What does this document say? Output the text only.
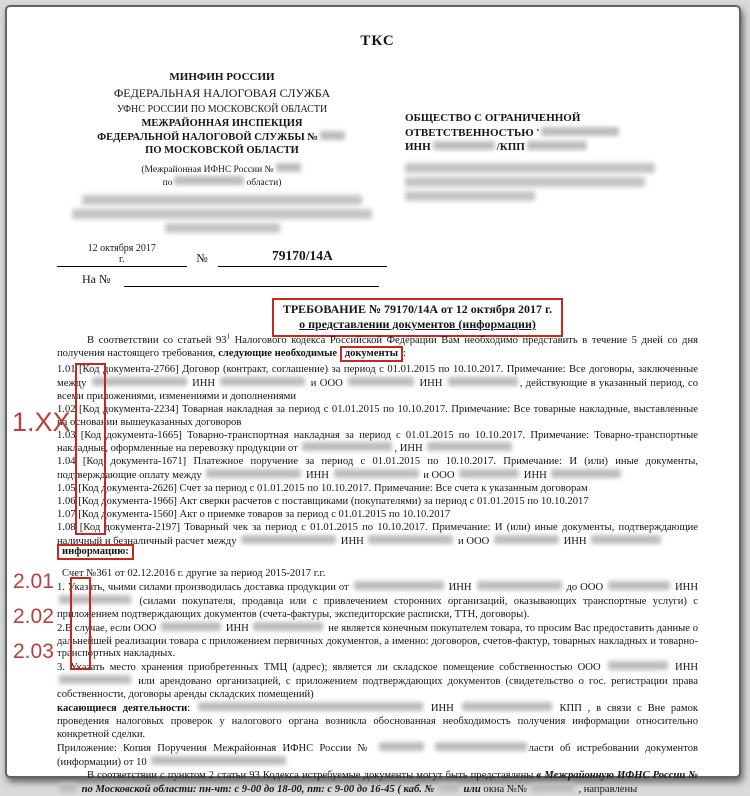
ТКС
МИНФИН РОССИИ
ФЕДЕРАЛЬНАЯ НАЛОГОВАЯ СЛУЖБА
УФНС РОССИИ ПО МОСКОВСКОЙ ОБЛАСТИ
МЕЖРАЙОННАЯ ИНСПЕКЦИЯ
ФЕДЕРАЛЬНОЙ НАЛОГОВОЙ СЛУЖБЫ №
ПО МОСКОВСКОЙ ОБЛАСТИ
(Межрайонная ИФНС России №
по	области)
12 октября 2017
г.	№	79170/14А
ОБЩЕСТВО С ОГРАНИЧЕННОЙ
ОТВЕТСТВЕННОСТЬЮ '
ИНН	/КПП
На №
ТРЕБОВАНИЕ № 79170/14А от 12 октября 2017 г.
о представлении документов (информации)

В соответствии со статьей $93^1$ Налогового кодекса Российской Федерации Вам необходимо представить в течение 5 дней со дня получения настоящего требования, следующие необходимые документы :

1.01 [Код документа-2766] Договор (контракт, соглашение) за период с 01.01.2015 по 10.10.2017. Примечание: Все договоры, заключенные между	ИНН	и ООО	ИНН	, действующие в указанный период, со всеми приложениями, изменениями и дополнениями

1.02 [Код документа-2234] Товарная накладная за период с 01.01.2015 по 10.10.2017. Примечание: Все товарные накладные, выставленные на основании вышеуказанных договоров

1.03 [Код документа-1665] Товарно-транспортная накладная за период с 01.01.2015 по 10.10.2017. Примечание: Товарно-транспортные накладные, оформленные на перевозку продукции от	, ИНН

1.04 [Код документа-1671] Платежное поручение за период с 01.01.2015 по 10.10.2017. Примечание: И (или) иные документы, подтверждающие оплату между	ИНН	и ООО	ИНН

1.05 [Код документа-2626] Счет за период с 01.01.2015 по 10.10.2017. Примечание: Все счета к указанным договорам

1.06 [Код документа-1966] Акт сверки расчетов с поставщиками (покупателями) за период с 01.01.2015 по 10.10.2017

1.07 [Код документа-1560] Акт о приемке товаров за период с 01.01.2015 по 10.10.2017

1.08 [Код документа-2197] Товарный чек за период с 01.01.2015 по 10.10.2017. Примечание: И (или) иные документы, подтверждающие наличный и безналичный расчет между	ИНН	и ООО	ИНН

информацию:

Счет №361 от 02.12.2016 г. другие за период 2015-2017 г.г.

1. Указать, чьими силами производилась доставка продукции от	ИНН	до ООО	ИНН  (силами покупателя, продавца или с привлечением сторонних организаций, оказывающих транспортные услуги) с приложением подтверждающих документов (счета-фактуры, экспедиторские расписки, ТТН, договоры).

2.В случае, если ООО	ИНН	не является конечным покупателем товара, то просим Вас предоставить данные о дальнейшей реализации товара с приложением первичных документов, а именно: договоров, счетов-фактур, товарных накладных и товарно-транспортных накладных.

3. Указать место хранения приобретенных ТМЦ (адрес); является ли складское помещение собственностью ООО	ИНН  или арендовано организацией, с приложением подтверждающих документов (свидетельство о гос. регистрации права собственности, договоры аренды складских помещений)

касающиеся деятельности:	ИНН	КПП , в связи с Вне рамок проведения налоговых проверок у налогового органа возникла обоснованная необходимость получения информации относительно конкретной сделки.

Приложение: Копия Поручения Межрайонная ИФНС России №	ласти об истребовании документов (информации) от 10

В соответствии с пунктом 2 статьи 93 Кодекса истребуемые документы могут быть представлены в Межрайонную ИФНС России №  по Московской области: пн-чт: с 9-00 до 18-00, пт: с 9-00 до 16-45 ( каб. №  или окна №№	, направлены

1.XX
2.01
2.02
2.03
